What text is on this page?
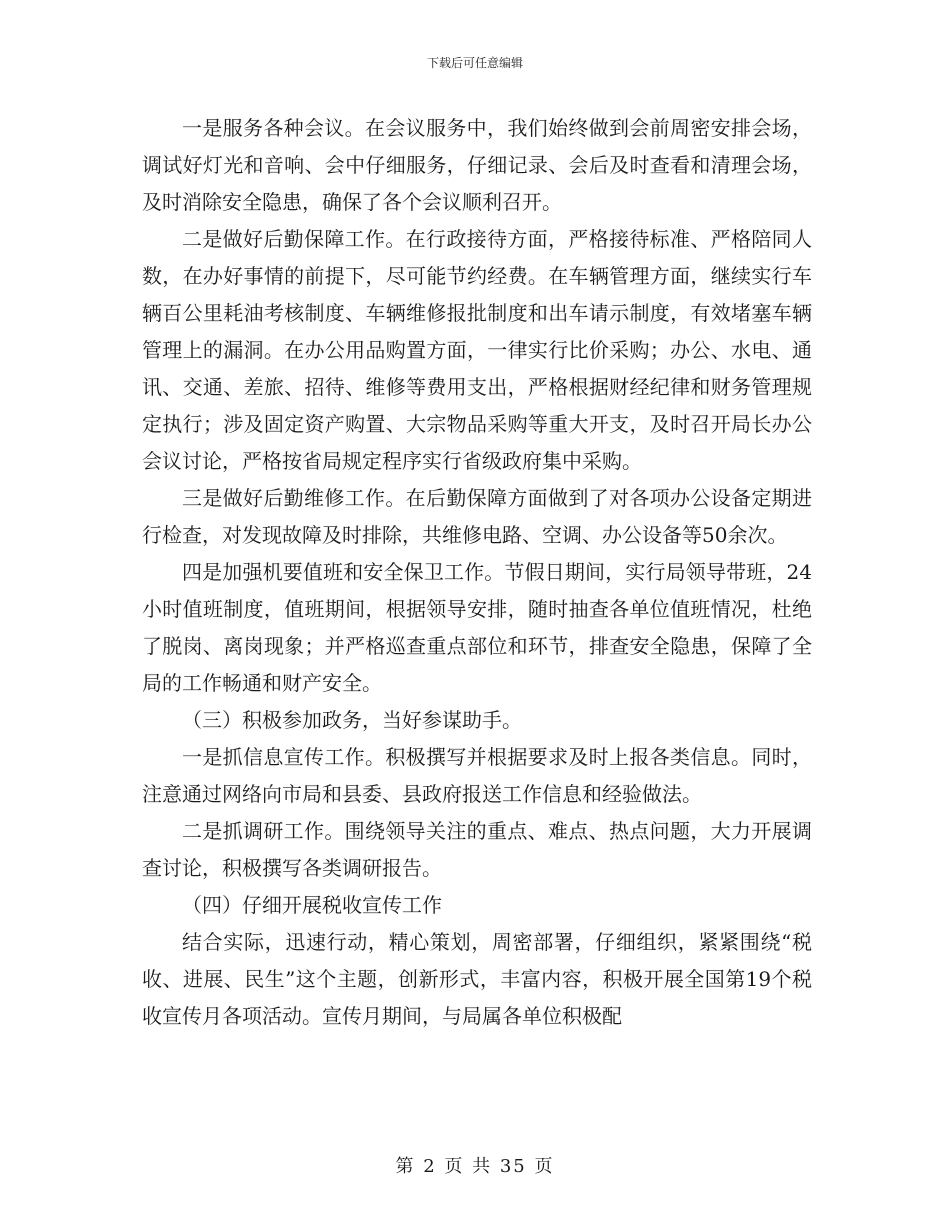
下载后可任意编辑

一是服务各种会议。在会议服务中，我们始终做到会前周密安排会场，调试好灯光和音响、会中仔细服务，仔细记录、会后及时查看和清理会场，及时消除安全隐患，确保了各个会议顺利召开。

二是做好后勤保障工作。在行政接待方面，严格接待标准、严格陪同人数，在办好事情的前提下，尽可能节约经费。在车辆管理方面，继续实行车辆百公里耗油考核制度、车辆维修报批制度和出车请示制度，有效堵塞车辆管理上的漏洞。在办公用品购置方面，一律实行比价采购；办公、水电、通讯、交通、差旅、招待、维修等费用支出，严格根据财经纪律和财务管理规定执行；涉及固定资产购置、大宗物品采购等重大开支，及时召开局长办公会议讨论，严格按省局规定程序实行省级政府集中采购。

三是做好后勤维修工作。在后勤保障方面做到了对各项办公设备定期进行检查，对发现故障及时排除，共维修电路、空调、办公设备等50余次。

四是加强机要值班和安全保卫工作。节假日期间，实行局领导带班，24小时值班制度，值班期间，根据领导安排，随时抽查各单位值班情况，杜绝了脱岗、离岗现象；并严格巡查重点部位和环节，排查安全隐患，保障了全局的工作畅通和财产安全。

（三）积极参加政务，当好参谋助手。

一是抓信息宣传工作。积极撰写并根据要求及时上报各类信息。同时，注意通过网络向市局和县委、县政府报送工作信息和经验做法。

二是抓调研工作。围绕领导关注的重点、难点、热点问题，大力开展调查讨论，积极撰写各类调研报告。

（四）仔细开展税收宣传工作

结合实际，迅速行动，精心策划，周密部署，仔细组织，紧紧围绕“税收、进展、民生”这个主题，创新形式，丰富内容，积极开展全国第19个税收宣传月各项活动。宣传月期间，与局属各单位积极配

第 2 页 共 35 页
